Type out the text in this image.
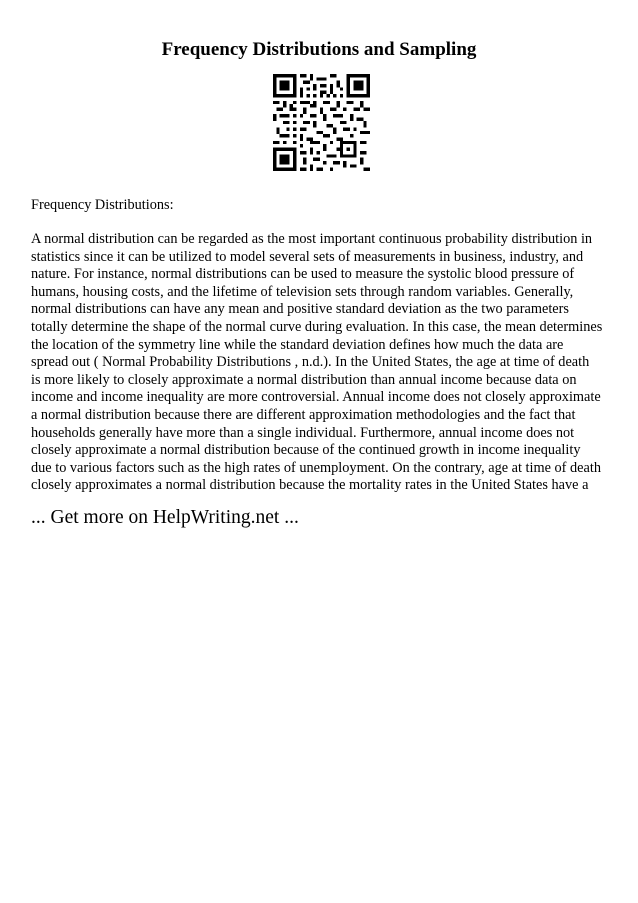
Frequency Distributions and Sampling

Frequency Distributions:

A normal distribution can be regarded as the most important continuous probability distribution in
statistics since it can be utilized to model several sets of measurements in business, industry, and
nature. For instance, normal distributions can be used to measure the systolic blood pressure of
humans, housing costs, and the lifetime of television sets through random variables. Generally,
normal distributions can have any mean and positive standard deviation as the two parameters
totally determine the shape of the normal curve during evaluation. In this case, the mean determines
the location of the symmetry line while the standard deviation defines how much the data are
spread out ( Normal Probability Distributions , n.d.). In the United States, the age at time of death
is more likely to closely approximate a normal distribution than annual income because data on
income and income inequality are more controversial. Annual income does not closely approximate
a normal distribution because there are different approximation methodologies and the fact that
households generally have more than a single individual. Furthermore, annual income does not
closely approximate a normal distribution because of the continued growth in income inequality
due to various factors such as the high rates of unemployment. On the contrary, age at time of death
closely approximates a normal distribution because the mortality rates in the United States have a

... Get more on HelpWriting.net ...
